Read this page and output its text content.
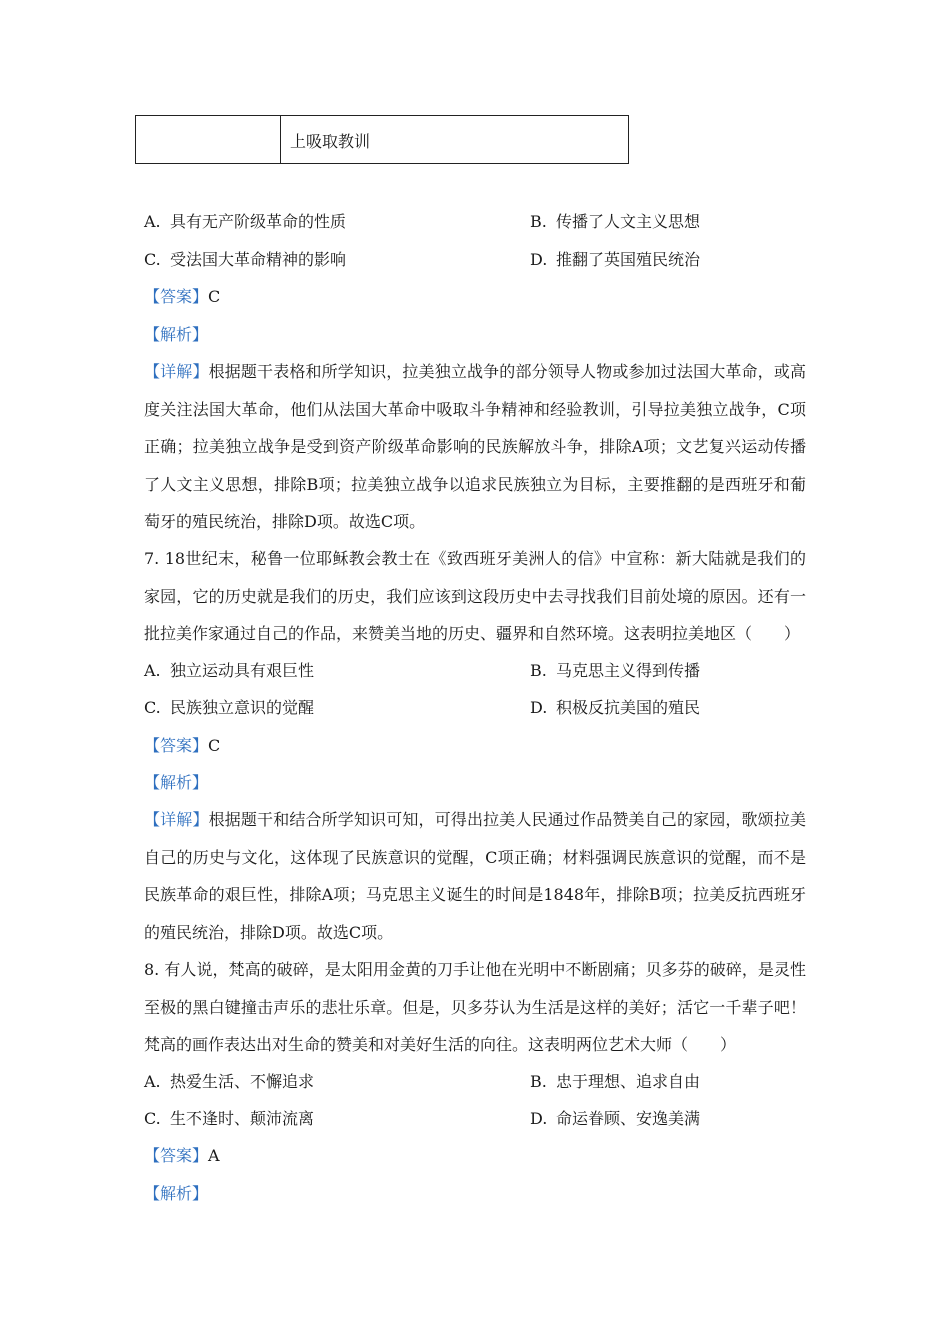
上吸取教训
A. 具有无产阶级革命的性质	B. 传播了人文主义思想
C. 受法国大革命精神的影响	D. 推翻了英国殖民统治
【答案】C
【解析】
【详解】根据题干表格和所学知识，拉美独立战争的部分领导人物或参加过法国大革命，或高度关注法国大革命，他们从法国大革命中吸取斗争精神和经验教训，引导拉美独立战争，C项正确；拉美独立战争是受到资产阶级革命影响的民族解放斗争，排除A项；文艺复兴运动传播了人文主义思想，排除B项；拉美独立战争以追求民族独立为目标，主要推翻的是西班牙和葡萄牙的殖民统治，排除D项。故选C项。
7. 18世纪末，秘鲁一位耶稣教会教士在《致西班牙美洲人的信》中宣称：新大陆就是我们的家园，它的历史就是我们的历史，我们应该到这段历史中去寻找我们目前处境的原因。还有一批拉美作家通过自己的作品，来赞美当地的历史、疆界和自然环境。这表明拉美地区（　　）
A. 独立运动具有艰巨性	B. 马克思主义得到传播
C. 民族独立意识的觉醒	D. 积极反抗美国的殖民
【答案】C
【解析】
【详解】根据题干和结合所学知识可知，可得出拉美人民通过作品赞美自己的家园，歌颂拉美自己的历史与文化，这体现了民族意识的觉醒，C项正确；材料强调民族意识的觉醒，而不是民族革命的艰巨性，排除A项；马克思主义诞生的时间是1848年，排除B项；拉美反抗西班牙的殖民统治，排除D项。故选C项。
8. 有人说，梵高的破碎，是太阳用金黄的刀手让他在光明中不断剧痛；贝多芬的破碎，是灵性至极的黑白键撞击声乐的悲壮乐章。但是，贝多芬认为生活是这样的美好；活它一千辈子吧！梵高的画作表达出对生命的赞美和对美好生活的向往。这表明两位艺术大师（　　）
A. 热爱生活、不懈追求	B. 忠于理想、追求自由
C. 生不逢时、颠沛流离	D. 命运眷顾、安逸美满
【答案】A
【解析】
